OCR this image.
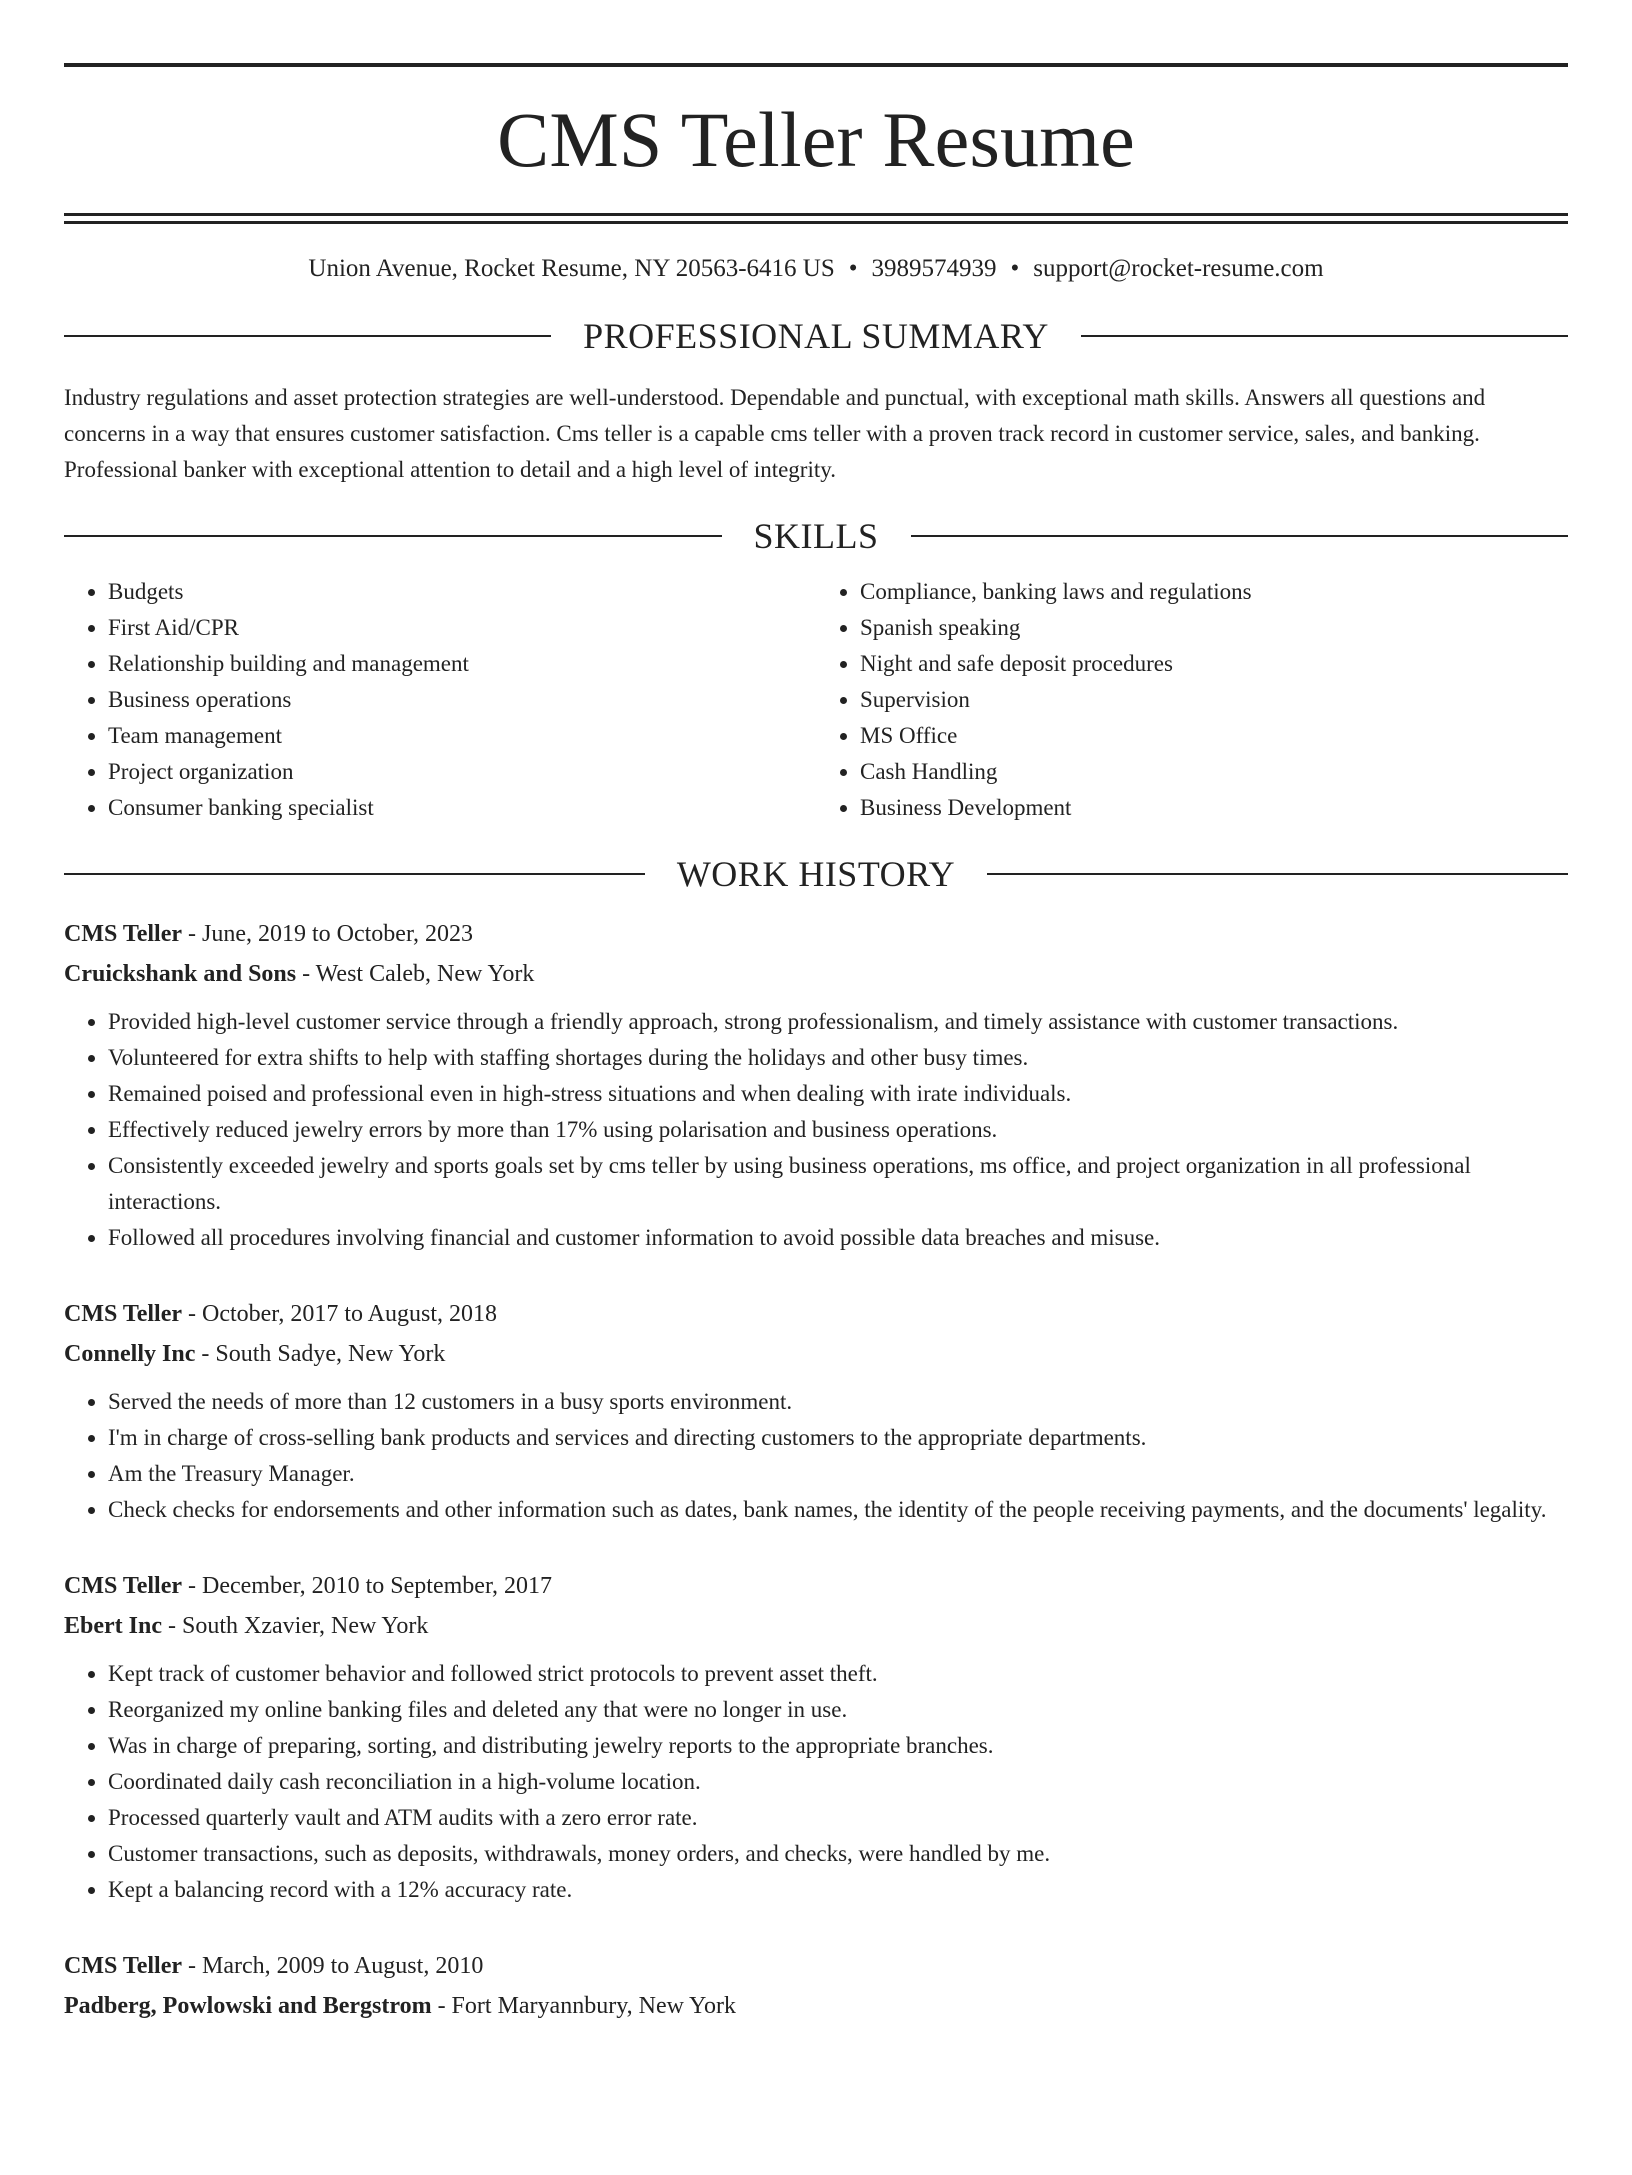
CMS Teller Resume
Union Avenue, Rocket Resume, NY 20563-6416 US • 3989574939 • support@rocket-resume.com
PROFESSIONAL SUMMARY
Industry regulations and asset protection strategies are well-understood. Dependable and punctual, with exceptional math skills. Answers all questions and concerns in a way that ensures customer satisfaction. Cms teller is a capable cms teller with a proven track record in customer service, sales, and banking. Professional banker with exceptional attention to detail and a high level of integrity.
SKILLS
• Budgets
• First Aid/CPR
• Relationship building and management
• Business operations
• Team management
• Project organization
• Consumer banking specialist
• Compliance, banking laws and regulations
• Spanish speaking
• Night and safe deposit procedures
• Supervision
• MS Office
• Cash Handling
• Business Development
WORK HISTORY
CMS Teller - June, 2019 to October, 2023
Cruickshank and Sons - West Caleb, New York
• Provided high-level customer service through a friendly approach, strong professionalism, and timely assistance with customer transactions.
• Volunteered for extra shifts to help with staffing shortages during the holidays and other busy times.
• Remained poised and professional even in high-stress situations and when dealing with irate individuals.
• Effectively reduced jewelry errors by more than 17% using polarisation and business operations.
• Consistently exceeded jewelry and sports goals set by cms teller by using business operations, ms office, and project organization in all professional interactions.
• Followed all procedures involving financial and customer information to avoid possible data breaches and misuse.
CMS Teller - October, 2017 to August, 2018
Connelly Inc - South Sadye, New York
• Served the needs of more than 12 customers in a busy sports environment.
• I'm in charge of cross-selling bank products and services and directing customers to the appropriate departments.
• Am the Treasury Manager.
• Check checks for endorsements and other information such as dates, bank names, the identity of the people receiving payments, and the documents' legality.
CMS Teller - December, 2010 to September, 2017
Ebert Inc - South Xzavier, New York
• Kept track of customer behavior and followed strict protocols to prevent asset theft.
• Reorganized my online banking files and deleted any that were no longer in use.
• Was in charge of preparing, sorting, and distributing jewelry reports to the appropriate branches.
• Coordinated daily cash reconciliation in a high-volume location.
• Processed quarterly vault and ATM audits with a zero error rate.
• Customer transactions, such as deposits, withdrawals, money orders, and checks, were handled by me.
• Kept a balancing record with a 12% accuracy rate.
CMS Teller - March, 2009 to August, 2010
Padberg, Powlowski and Bergstrom - Fort Maryannbury, New York
